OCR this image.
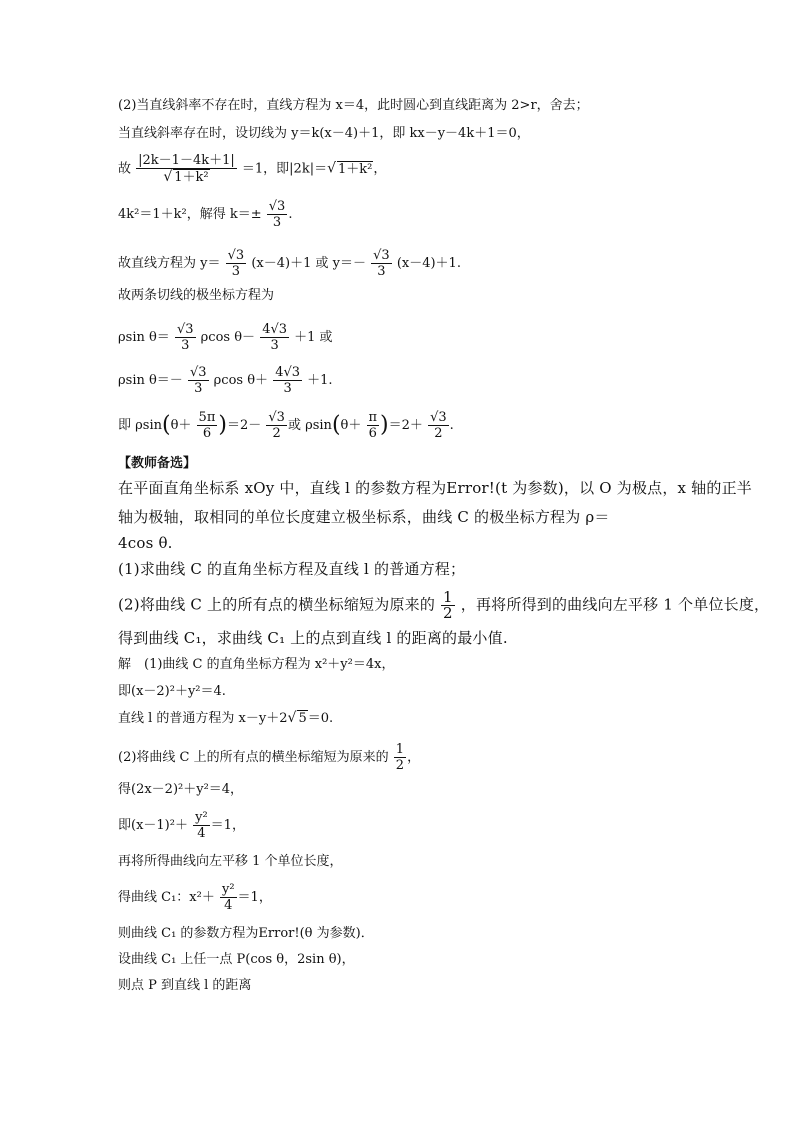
(2)当直线斜率不存在时，直线方程为 x＝4，此时圆心到直线距离为 2>r，舍去；
当直线斜率存在时，设切线为 y＝k(x－4)＋1，即 kx－y－4k＋1＝0，
故 $\frac{|2k-1-4k+1|}{\text{√ 1＋k²}} =1$，即|2k|＝√ 1＋k²，
4k²＝1＋k²，解得 $k=\pm \frac{√3}{3}$ .
故直线方程为 $y= \frac{√3}{3} (x-4)+1$ 或 $y=- \frac{√3}{3} (x-4)+1$.
故两条切线的极坐标方程为
ρsin $\theta= \frac{√3}{3}$ ρcos $\theta- \frac{4√3}{3} +1$ 或
ρsin $\theta=- \frac{√3}{3}$ ρcos $\theta+ \frac{4√3}{3} +1$.
即 $\rho\sin(\theta+ \frac{5\pi}{6} )=2- \frac{√3}{2}$ 或 $\rho\sin(\theta+ \frac{\pi}{6} )=2+ \frac{√3}{2}$ .
【教师备选】
在平面直角坐标系 xOy 中，直线 l 的参数方程为Error!(t 为参数)，以 O 为极点，x 轴的正半
轴为极轴，取相同的单位长度建立极坐标系，曲线 C 的极坐标方程为 ρ＝
4cos θ.
(1)求曲线 C 的直角坐标方程及直线 l 的普通方程；
(2)将曲线 C 上的所有点的横坐标缩短为原来的 $\frac{1}{2}$ ，再将所得到的曲线向左平移 1 个单位长度，
得到曲线 C₁，求曲线 C₁ 上的点到直线 l 的距离的最小值.
解　(1)曲线 C 的直角坐标方程为 x²＋y²＝4x，
即(x－2)²＋y²＝4.
直线 l 的普通方程为 x－y＋2√ 5＝0.
(2)将曲线 C 上的所有点的横坐标缩短为原来的 $\frac{1}{2}$ ，
得(2x－2)²＋y²＝4，
即$(x-1)^2+ \frac{\text{y²}}{4} =1$，
再将所得曲线向左平移 1 个单位长度，
得曲线 C₁：$x^2+ \frac{\text{y²}}{4} =1$，
则曲线 C₁ 的参数方程为Error!(θ 为参数)．
设曲线 C₁ 上任一点 P(cos θ，2sin θ)，
则点 P 到直线 l 的距离
